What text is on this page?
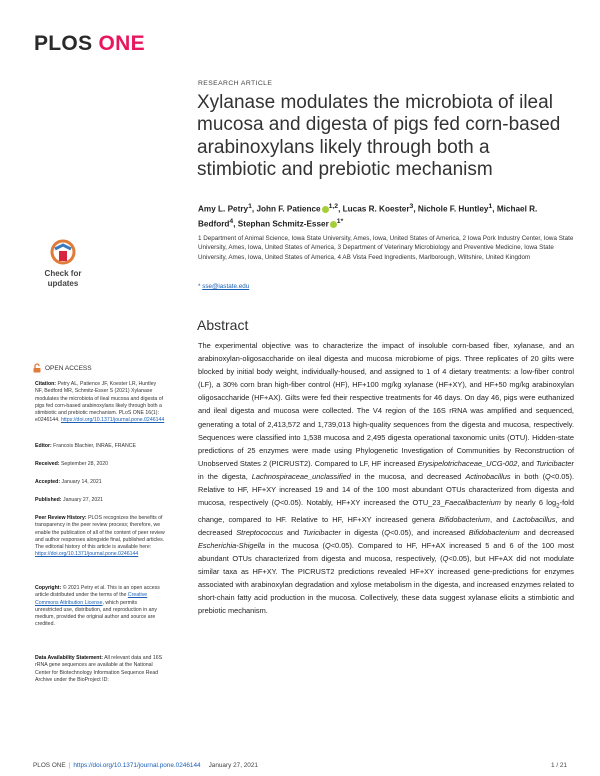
PLOS ONE
Check for
updates
OPEN ACCESS
Citation: Petry AL, Patience JF, Koester LR, Huntley NF, Bedford MR, Schmitz-Esser S (2021) Xylanase modulates the microbiota of ileal mucosa and digesta of pigs fed corn-based arabinoxylans likely through both a stimbiotic and prebiotic mechanism. PLoS ONE 16(1): e0246144. https://doi.org/10.1371/journal.pone.0246144
Editor: Francois Blachier, INRAE, FRANCE
Received: September 28, 2020
Accepted: January 14, 2021
Published: January 27, 2021
Peer Review History: PLOS recognizes the benefits of transparency in the peer review process; therefore, we enable the publication of all of the content of peer review and author responses alongside final, published articles. The editorial history of this article is available here: https://doi.org/10.1371/journal.pone.0246144
Copyright: © 2021 Petry et al. This is an open access article distributed under the terms of the Creative Commons Attribution License, which permits unrestricted use, distribution, and reproduction in any medium, provided the original author and source are credited.
Data Availability Statement: All relevant data and 16S rRNA gene sequences are available at the National Center for Biotechnology Information Sequence Read Archive under the BioProject ID:
RESEARCH ARTICLE
Xylanase modulates the microbiota of ileal mucosa and digesta of pigs fed corn-based arabinoxylans likely through both a stimbiotic and prebiotic mechanism
Amy L. Petry$^1$, John F. Patience $^{1,2}$, Lucas R. Koester$^3$, Nichole F. Huntley$^1$, Michael R. Bedford$^4$, Stephan Schmitz-Esser $^{1*}$
1 Department of Animal Science, Iowa State University, Ames, Iowa, United States of America, 2 Iowa Pork Industry Center, Iowa State University, Ames, Iowa, United States of America, 3 Department of Veterinary Microbiology and Preventive Medicine, Iowa State University, Ames, Iowa, United States of America, 4 AB Vista Feed Ingredients, Marlborough, Wiltshire, United Kingdom
* sse@iastate.edu
Abstract
The experimental objective was to characterize the impact of insoluble corn-based fiber, xylanase, and an arabinoxylan-oligosaccharide on ileal digesta and mucosa microbiome of pigs. Three replicates of 20 gilts were blocked by initial body weight, individually-housed, and assigned to 1 of 4 dietary treatments: a low-fiber control (LF), a 30% corn bran high-fiber control (HF), HF+100 mg/kg xylanase (HF+XY), and HF+50 mg/kg arabinoxylan oligosaccharide (HF+AX). Gilts were fed their respective treatments for 46 days. On day 46, pigs were euthanized and ileal digesta and mucosa were collected. The V4 region of the 16S rRNA was amplified and sequenced, generating a total of 2,413,572 and 1,739,013 high-quality sequences from the digesta and mucosa, respectively. Sequences were classified into 1,538 mucosa and 2,495 digesta operational taxonomic units (OTU). Hidden-state predictions of 25 enzymes were made using Phylogenetic Investigation of Communities by Reconstruction of Unobserved States 2 (PICRUST2). Compared to LF, HF increased Erysipelotrichaceae_UCG-002, and Turicibacter in the digesta, Lachnospiraceae_unclassified in the mucosa, and decreased Actinobacillus in both (Q<0.05). Relative to HF, HF+XY increased 19 and 14 of the 100 most abundant OTUs characterized from digesta and mucosa, respectively (Q<0.05). Notably, HF+XY increased the OTU_23_Faecalibacterium by nearly 6 $\log_2$-fold change, compared to HF. Relative to HF, HF+XY increased genera Bifidobacterium, and Lactobacillus, and decreased Streptococcus and Turicibacter in digesta (Q<0.05), and increased Bifidobacterium and decreased Escherichia-Shigella in the mucosa (Q<0.05). Compared to HF, HF+AX increased 5 and 6 of the 100 most abundant OTUs characterized from digesta and mucosa, respectively, (Q<0.05), but HF+AX did not modulate similar taxa as HF+XY. The PICRUST2 predictions revealed HF+XY increased gene-predictions for enzymes associated with arabinoxylan degradation and xylose metabolism in the digesta, and increased enzymes related to short-chain fatty acid production in the mucosa. Collectively, these data suggest xylanase elicits a stimbiotic and prebiotic mechanism.
PLOS ONE | https://doi.org/10.1371/journal.pone.0246144 January 27, 2021	1 / 21
